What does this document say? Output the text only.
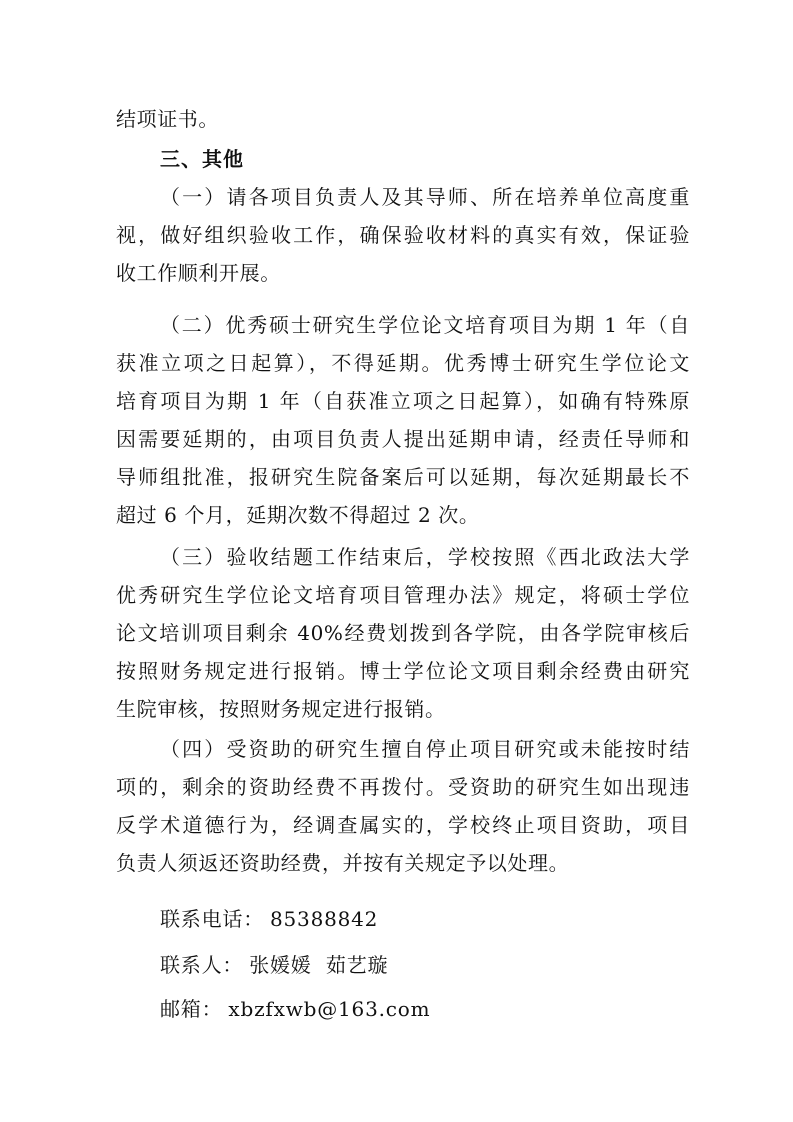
结项证书。

三、其他

（一）请各项目负责人及其导师、所在培养单位高度重
视，做好组织验收工作，确保验收材料的真实有效，保证验
收工作顺利开展。

（二）优秀硕士研究生学位论文培育项目为期 1 年（自
获准立项之日起算），不得延期。优秀博士研究生学位论文
培育项目为期 1 年（自获准立项之日起算），如确有特殊原
因需要延期的，由项目负责人提出延期申请，经责任导师和
导师组批准，报研究生院备案后可以延期，每次延期最长不
超过 6 个月，延期次数不得超过 2 次。

（三）验收结题工作结束后，学校按照《西北政法大学
优秀研究生学位论文培育项目管理办法》规定，将硕士学位
论文培训项目剩余 40%经费划拨到各学院，由各学院审核后
按照财务规定进行报销。博士学位论文项目剩余经费由研究
生院审核，按照财务规定进行报销。

（四）受资助的研究生擅自停止项目研究或未能按时结
项的，剩余的资助经费不再拨付。受资助的研究生如出现违
反学术道德行为，经调查属实的，学校终止项目资助，项目
负责人须返还资助经费，并按有关规定予以处理。

联系电话： 85388842

联系人： 张媛媛  茹艺璇

邮箱： xbzfxwb@163.com
